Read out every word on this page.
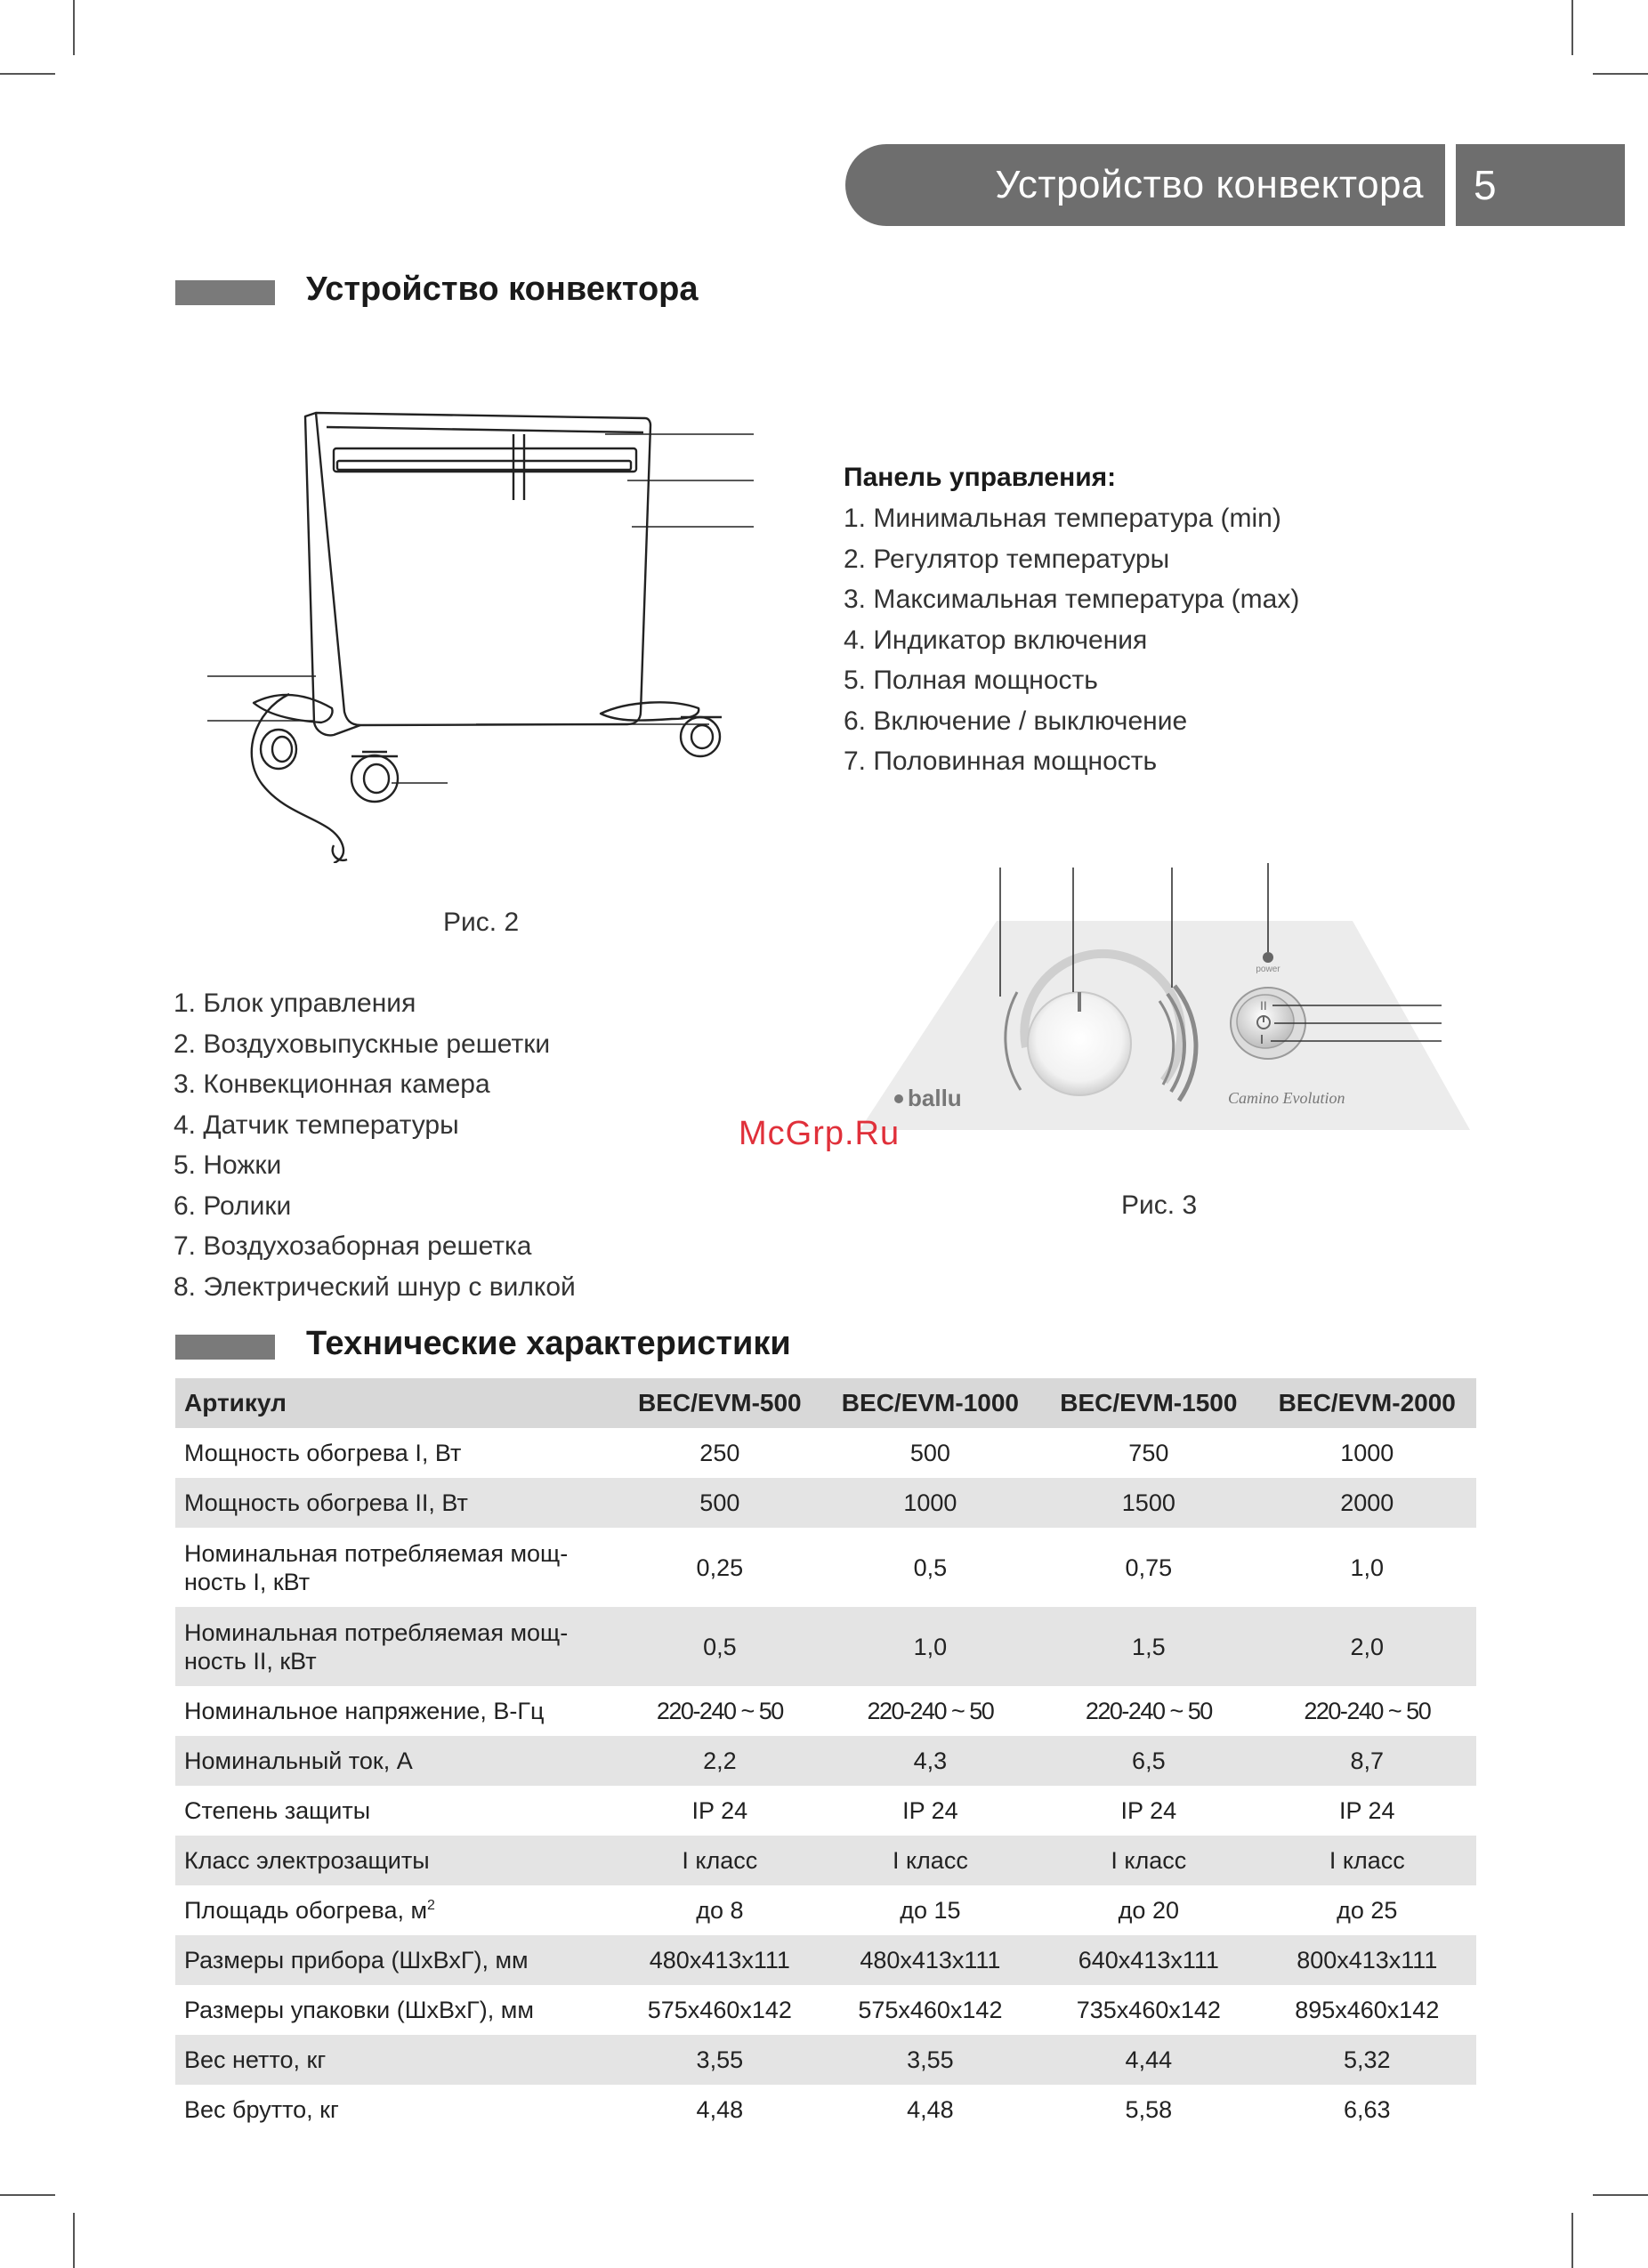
Устройство конвектора	5
Устройство конвектора
Панель управления:
1. Минимальная температура (min)
2. Регулятор температуры
3. Максимальная температура (max)
4. Индикатор включения
5. Полная мощность
6. Включение / выключение
7. Половинная мощность
Рис. 2
1. Блок управления
2. Воздуховыпускные решетки
3. Конвекционная камера
4. Датчик температуры
5. Ножки
6. Ролики
7. Воздухозаборная решетка
8. Электрический шнур с вилкой
power
II
ballu	Camino Evolution
McGrp.Ru
Рис. 3
Технические характеристики
Артикул	BEC/EVM-500	BEC/EVM-1000	BEC/EVM-1500	BEC/EVM-2000
Мощность обогрева I, Вт	250	500	750	1000
Мощность обогрева II, Вт	500	1000	1500	2000
Номинальная потребляемая мощ-
ность I, кВт	0,25	0,5	0,75	1,0
Номинальная потребляемая мощ-
ность II, кВт	0,5	1,0	1,5	2,0
Номинальное напряжение, В-Гц	220-240 ~ 50	220-240 ~ 50	220-240 ~ 50	220-240 ~ 50
Номинальный ток, А	2,2	4,3	6,5	8,7
Степень защиты	IP 24	IP 24	IP 24	IP 24
Класс электрозащиты	I класс	I класс	I класс	I класс
Площадь обогрева, $м^2$	до 8	до 15	до 20	до 25
Размеры прибора (ШхВхГ), мм	480x413x111	480x413x111	640x413x111	800x413x111
Размеры упаковки (ШхВхГ), мм	575x460x142	575x460x142	735x460x142	895x460x142
Вес нетто, кг	3,55	3,55	4,44	5,32
Вес брутто, кг	4,48	4,48	5,58	6,63
